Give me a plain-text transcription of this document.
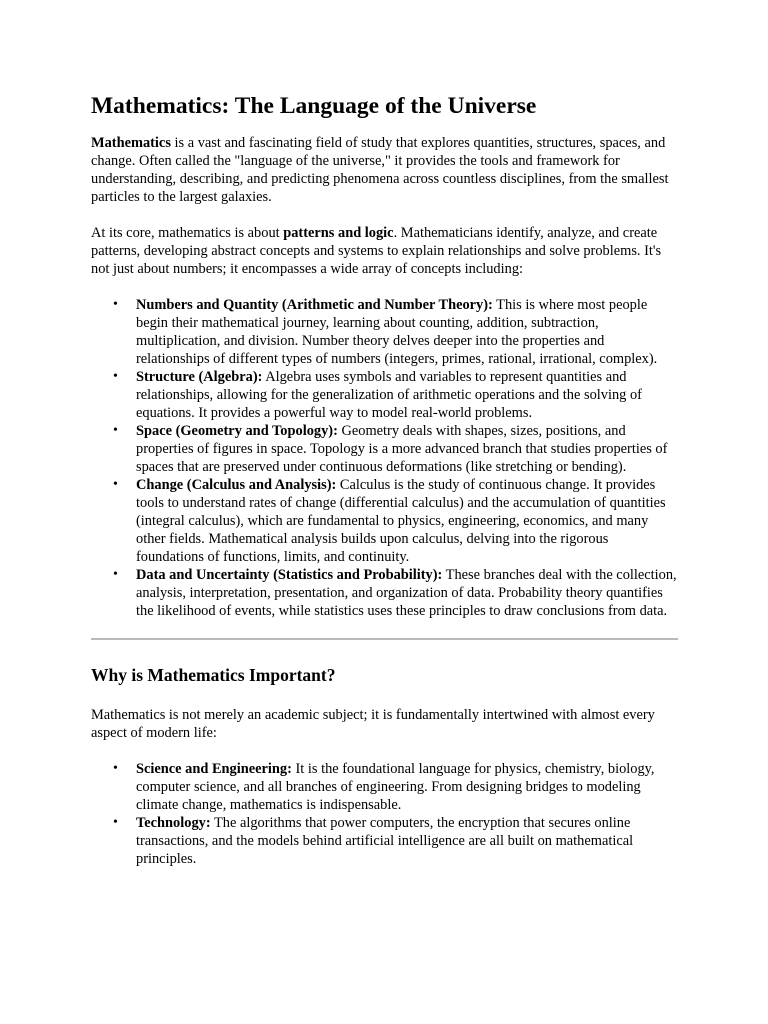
Mathematics: The Language of the Universe

Mathematics is a vast and fascinating field of study that explores quantities, structures, spaces, and change. Often called the "language of the universe," it provides the tools and framework for understanding, describing, and predicting phenomena across countless disciplines, from the smallest particles to the largest galaxies.

At its core, mathematics is about patterns and logic. Mathematicians identify, analyze, and create patterns, developing abstract concepts and systems to explain relationships and solve problems. It's not just about numbers; it encompasses a wide array of concepts including:

• Numbers and Quantity (Arithmetic and Number Theory): This is where most people begin their mathematical journey, learning about counting, addition, subtraction, multiplication, and division. Number theory delves deeper into the properties and relationships of different types of numbers (integers, primes, rational, irrational, complex).
• Structure (Algebra): Algebra uses symbols and variables to represent quantities and relationships, allowing for the generalization of arithmetic operations and the solving of equations. It provides a powerful way to model real-world problems.
• Space (Geometry and Topology): Geometry deals with shapes, sizes, positions, and properties of figures in space. Topology is a more advanced branch that studies properties of spaces that are preserved under continuous deformations (like stretching or bending).
• Change (Calculus and Analysis): Calculus is the study of continuous change. It provides tools to understand rates of change (differential calculus) and the accumulation of quantities (integral calculus), which are fundamental to physics, engineering, economics, and many other fields. Mathematical analysis builds upon calculus, delving into the rigorous foundations of functions, limits, and continuity.
• Data and Uncertainty (Statistics and Probability): These branches deal with the collection, analysis, interpretation, presentation, and organization of data. Probability theory quantifies the likelihood of events, while statistics uses these principles to draw conclusions from data.
Why is Mathematics Important?

Mathematics is not merely an academic subject; it is fundamentally intertwined with almost every aspect of modern life:

• Science and Engineering: It is the foundational language for physics, chemistry, biology, computer science, and all branches of engineering. From designing bridges to modeling climate change, mathematics is indispensable.
• Technology: The algorithms that power computers, the encryption that secures online transactions, and the models behind artificial intelligence are all built on mathematical principles.
